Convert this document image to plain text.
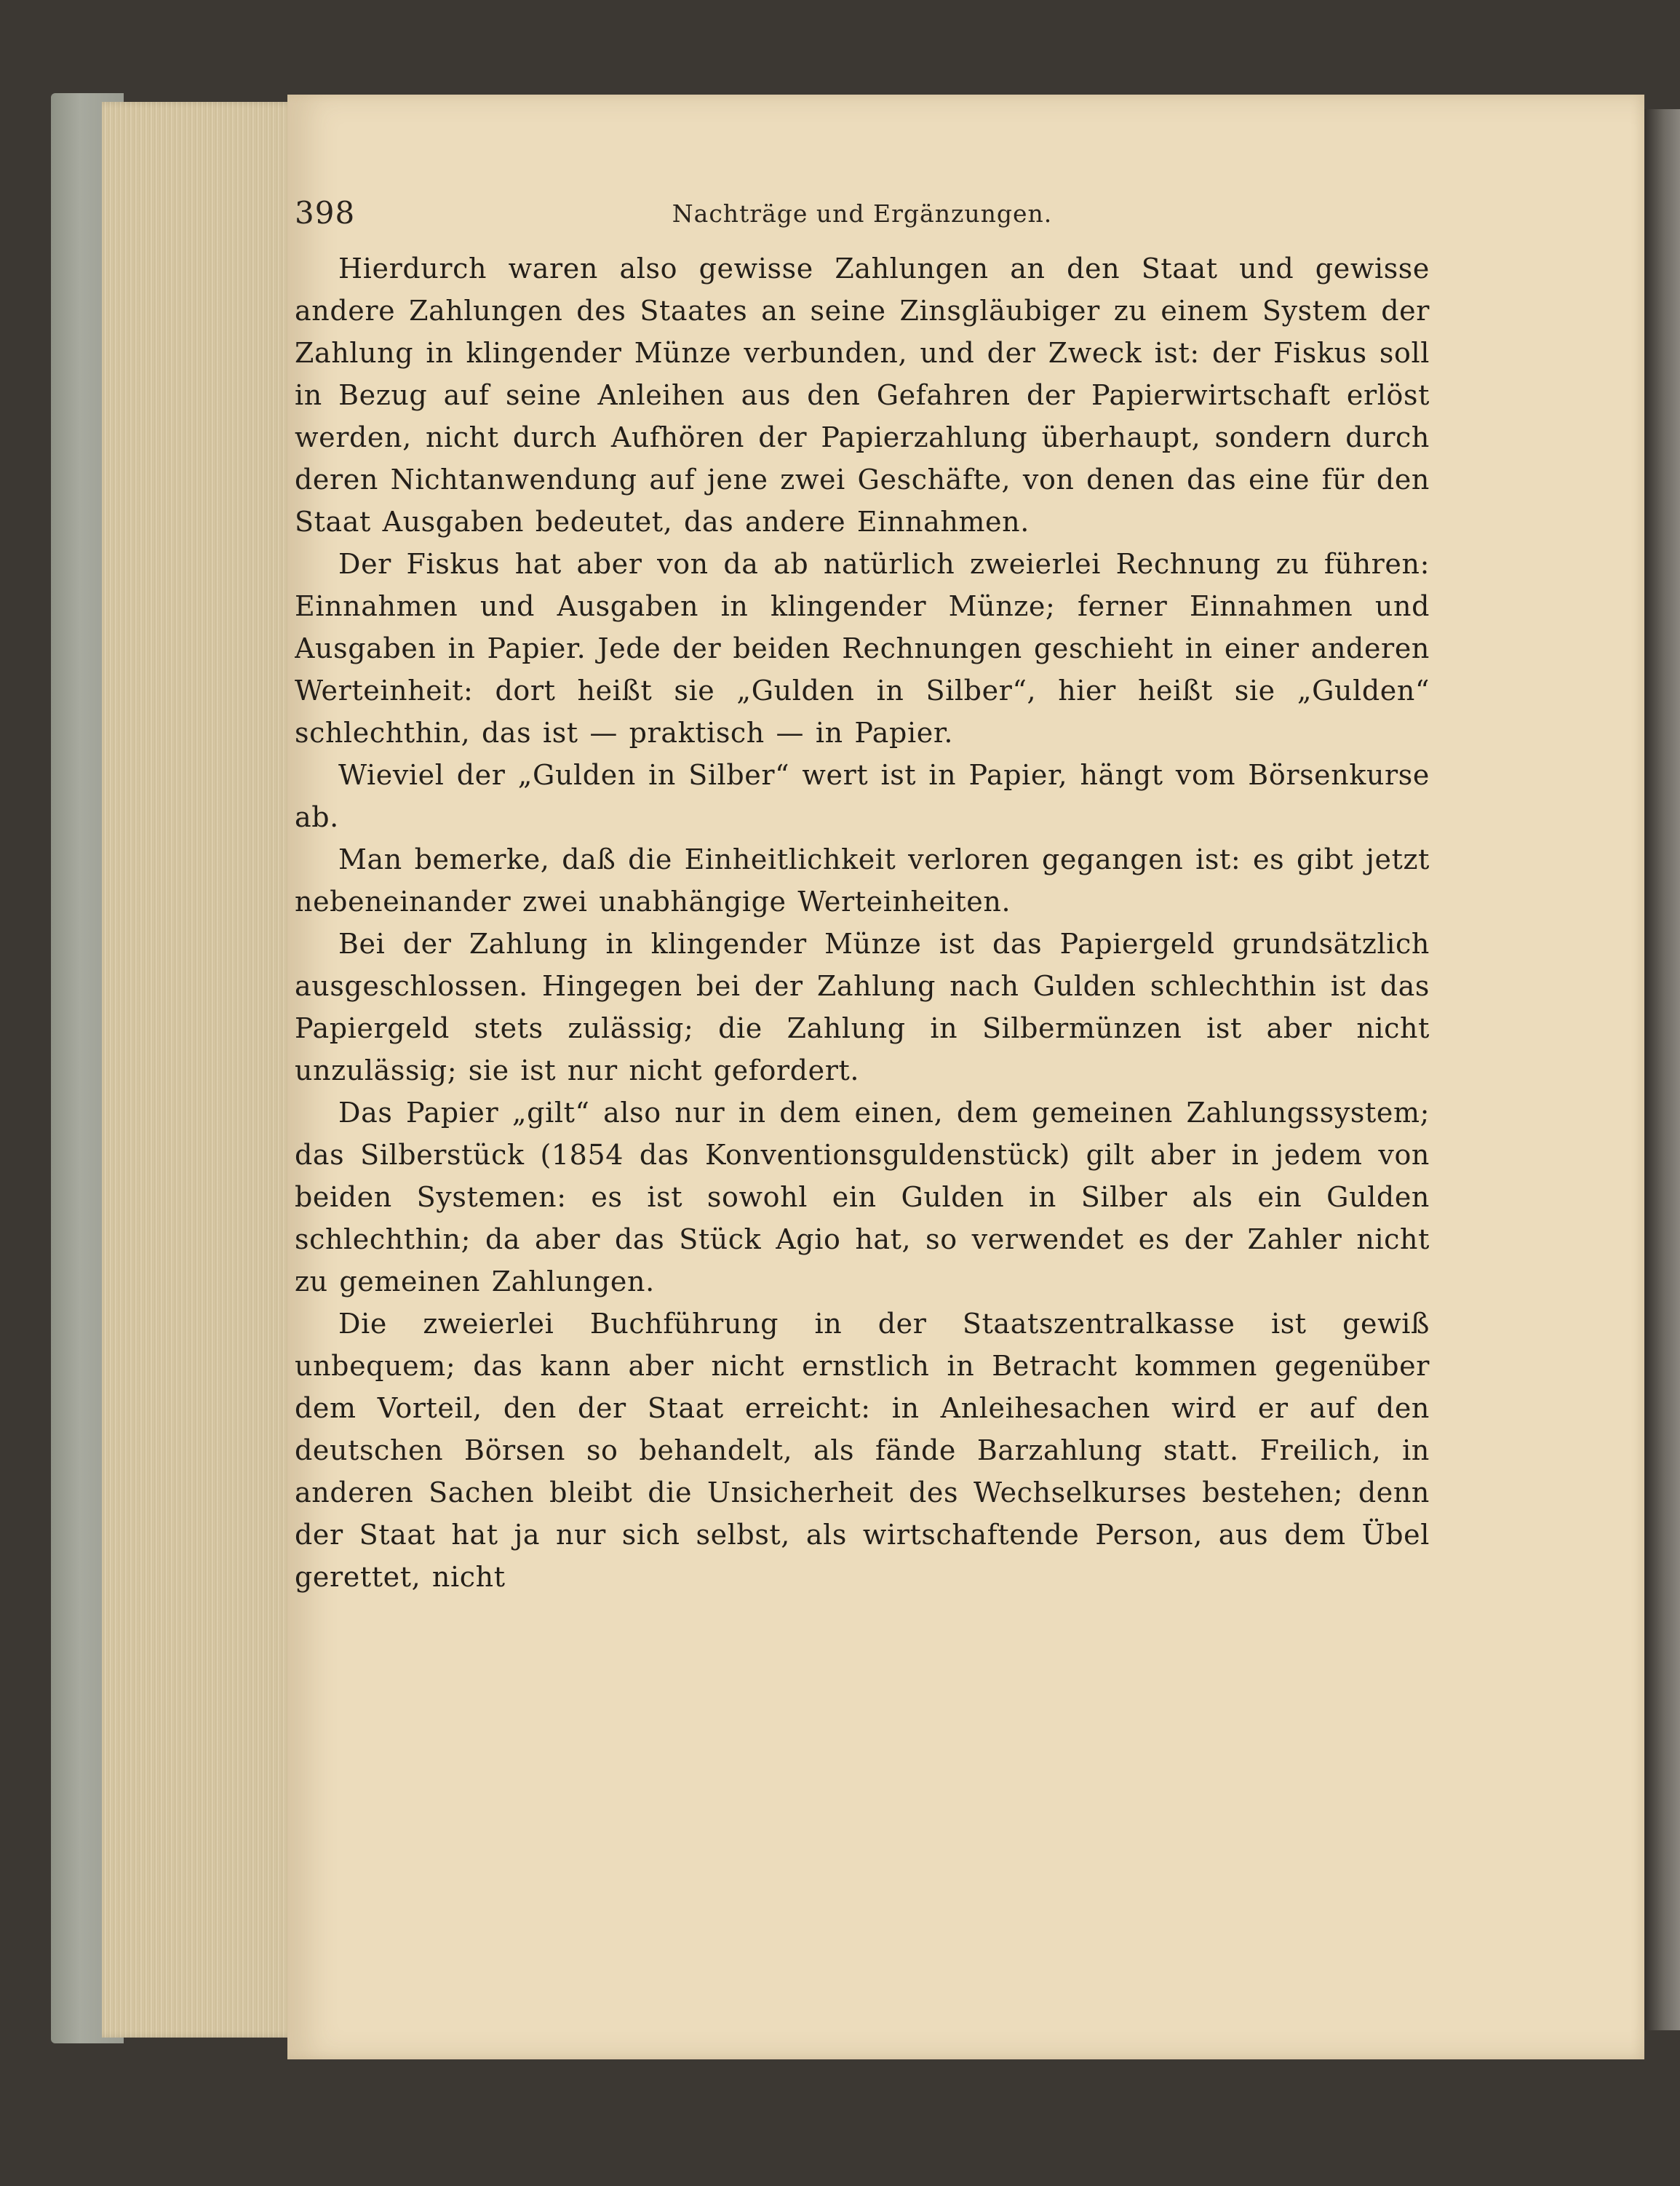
398	Nachträge und Ergänzungen.

Hierdurch waren also gewisse Zahlungen an den Staat und gewisse andere Zahlungen des Staates an seine Zinsgläubiger zu einem System der Zahlung in klingender Münze verbunden, und der Zweck ist: der Fiskus soll in Bezug auf seine Anleihen aus den Gefahren der Papierwirtschaft erlöst werden, nicht durch Aufhören der Papierzahlung überhaupt, sondern durch deren Nichtanwendung auf jene zwei Geschäfte, von denen das eine für den Staat Ausgaben bedeutet, das andere Einnahmen.

Der Fiskus hat aber von da ab natürlich zweierlei Rechnung zu führen: Einnahmen und Ausgaben in klingender Münze; ferner Einnahmen und Ausgaben in Papier. Jede der beiden Rechnungen geschieht in einer anderen Werteinheit: dort heißt sie „Gulden in Silber“, hier heißt sie „Gulden“ schlechthin, das ist — praktisch — in Papier.

Wieviel der „Gulden in Silber“ wert ist in Papier, hängt vom Börsenkurse ab.

Man bemerke, daß die Einheitlichkeit verloren gegangen ist: es gibt jetzt nebeneinander zwei unabhängige Werteinheiten.

Bei der Zahlung in klingender Münze ist das Papiergeld grundsätzlich ausgeschlossen. Hingegen bei der Zahlung nach Gulden schlechthin ist das Papiergeld stets zulässig; die Zahlung in Silbermünzen ist aber nicht unzulässig; sie ist nur nicht gefordert.

Das Papier „gilt“ also nur in dem einen, dem gemeinen Zahlungssystem; das Silberstück (1854 das Konventionsguldenstück) gilt aber in jedem von beiden Systemen: es ist sowohl ein Gulden in Silber als ein Gulden schlechthin; da aber das Stück Agio hat, so verwendet es der Zahler nicht zu gemeinen Zahlungen.

Die zweierlei Buchführung in der Staatszentralkasse ist gewiß unbequem; das kann aber nicht ernstlich in Betracht kommen gegenüber dem Vorteil, den der Staat erreicht: in Anleihesachen wird er auf den deutschen Börsen so behandelt, als fände Barzahlung statt. Freilich, in anderen Sachen bleibt die Unsicherheit des Wechselkurses bestehen; denn der Staat hat ja nur sich selbst, als wirtschaftende Person, aus dem Übel gerettet, nicht
